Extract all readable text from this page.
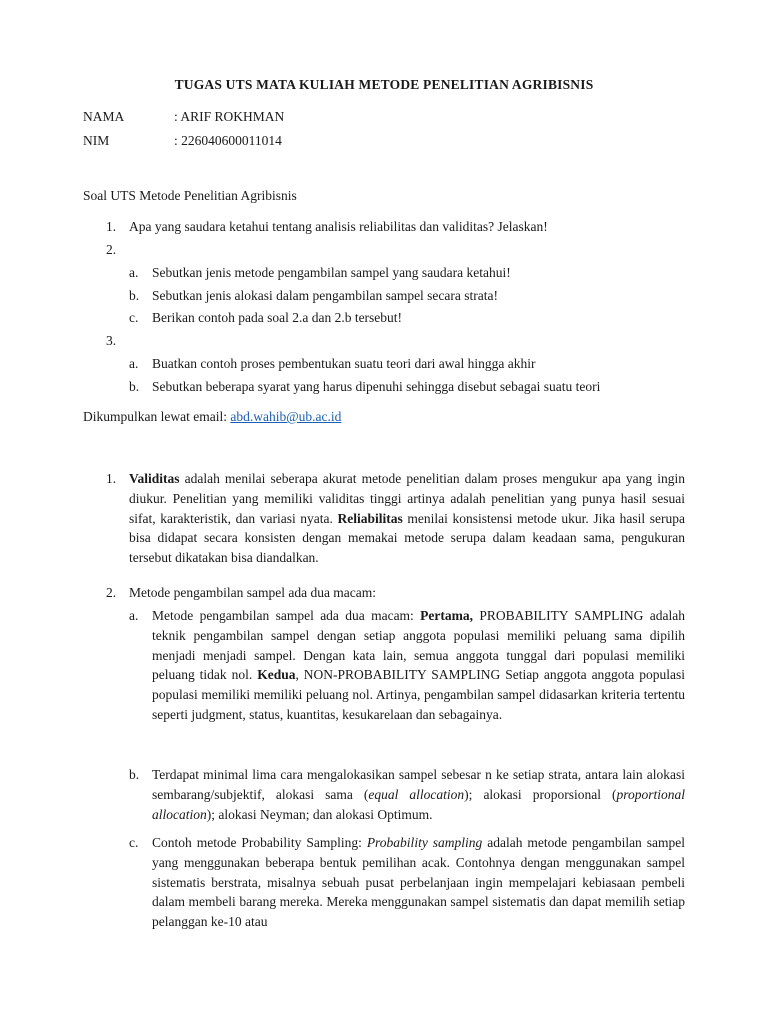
TUGAS UTS MATA KULIAH METODE PENELITIAN AGRIBISNIS
NAMA	: ARIF ROKHMAN
NIM	: 226040600011014
Soal UTS Metode Penelitian Agribisnis
1. Apa yang saudara ketahui tentang analisis reliabilitas dan validitas? Jelaskan!
2.
a. Sebutkan jenis metode pengambilan sampel yang saudara ketahui!
b. Sebutkan jenis alokasi dalam pengambilan sampel secara strata!
c. Berikan contoh pada soal 2.a dan 2.b tersebut!
3.
a. Buatkan contoh proses pembentukan suatu teori dari awal hingga akhir
b. Sebutkan beberapa syarat yang harus dipenuhi sehingga disebut sebagai suatu teori
Dikumpulkan lewat email: abd.wahib@ub.ac.id
1. Validitas adalah menilai seberapa akurat metode penelitian dalam proses mengukur apa yang ingin diukur. Penelitian yang memiliki validitas tinggi artinya adalah penelitian yang punya hasil sesuai sifat, karakteristik, dan variasi nyata. Reliabilitas menilai konsistensi metode ukur. Jika hasil serupa bisa didapat secara konsisten dengan memakai metode serupa dalam keadaan sama, pengukuran tersebut dikatakan bisa diandalkan.
2. Metode pengambilan sampel ada dua macam:
a. Metode pengambilan sampel ada dua macam: Pertama, PROBABILITY SAMPLING adalah teknik pengambilan sampel dengan setiap anggota populasi memiliki peluang sama dipilih menjadi menjadi sampel. Dengan kata lain, semua anggota tunggal dari populasi memiliki peluang tidak nol. Kedua, NON-PROBABILITY SAMPLING Setiap anggota anggota populasi populasi memiliki memiliki peluang nol. Artinya, pengambilan sampel didasarkan kriteria tertentu seperti judgment, status, kuantitas, kesukarelaan dan sebagainya.
b. Terdapat minimal lima cara mengalokasikan sampel sebesar n ke setiap strata, antara lain alokasi sembarang/subjektif, alokasi sama (equal allocation); alokasi proporsional (proportional allocation); alokasi Neyman; dan alokasi Optimum.
c. Contoh metode Probability Sampling: Probability sampling adalah metode pengambilan sampel yang menggunakan beberapa bentuk pemilihan acak. Contohnya dengan menggunakan sampel sistematis berstrata, misalnya sebuah pusat perbelanjaan ingin mempelajari kebiasaan pembeli dalam membeli barang mereka. Mereka menggunakan sampel sistematis dan dapat memilih setiap pelanggan ke-10 atau
